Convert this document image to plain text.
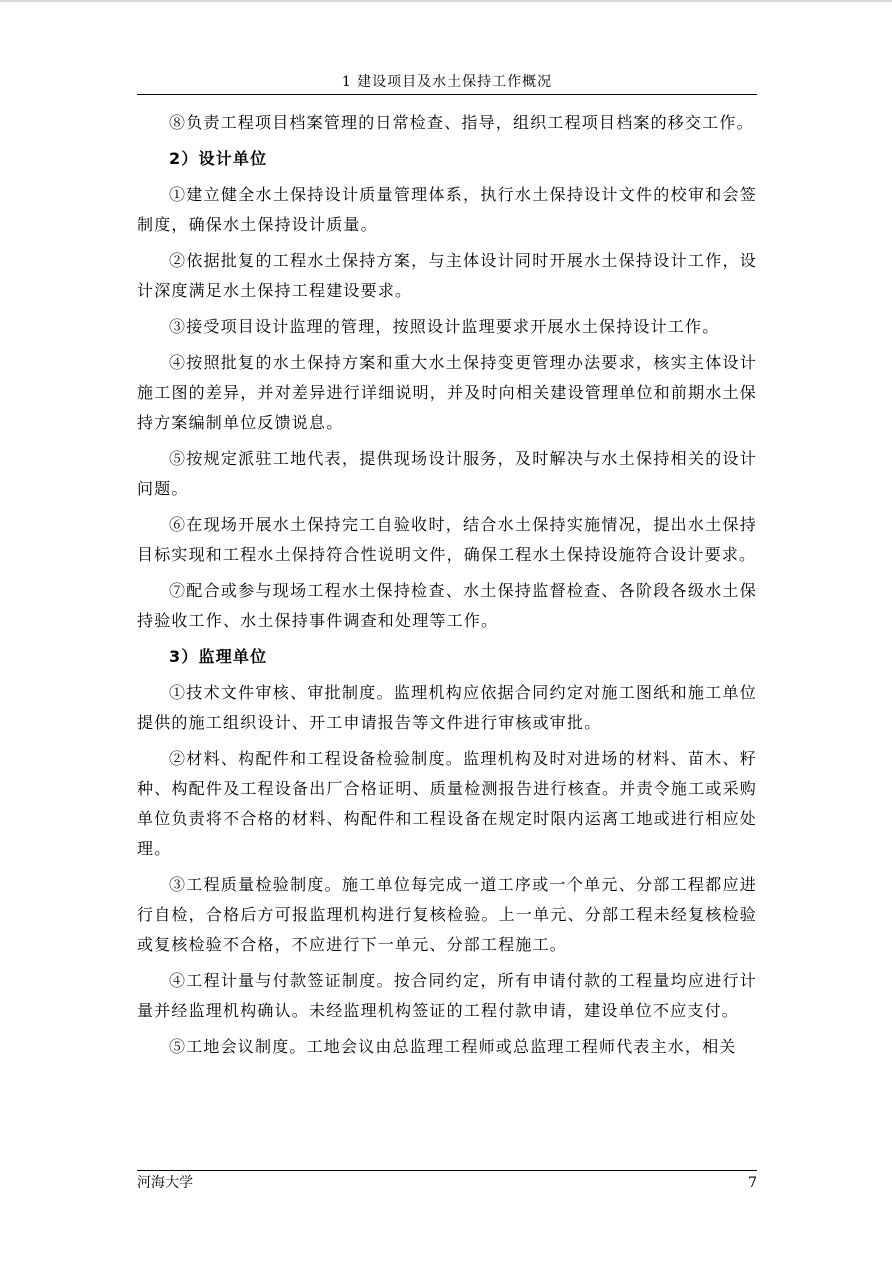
1 建设项目及水土保持工作概况

⑧负责工程项目档案管理的日常检查、指导，组织工程项目档案的移交工作。

2）设计单位

①建立健全水土保持设计质量管理体系，执行水土保持设计文件的校审和会签制度，确保水土保持设计质量。

②依据批复的工程水土保持方案，与主体设计同时开展水土保持设计工作，设计深度满足水土保持工程建设要求。

③接受项目设计监理的管理，按照设计监理要求开展水土保持设计工作。

④按照批复的水土保持方案和重大水土保持变更管理办法要求，核实主体设计施工图的差异，并对差异进行详细说明，并及时向相关建设管理单位和前期水土保持方案编制单位反馈说息。

⑤按规定派驻工地代表，提供现场设计服务，及时解决与水土保持相关的设计问题。

⑥在现场开展水土保持完工自验收时，结合水土保持实施情况，提出水土保持目标实现和工程水土保持符合性说明文件，确保工程水土保持设施符合设计要求。

⑦配合或参与现场工程水土保持检查、水土保持监督检查、各阶段各级水土保持验收工作、水土保持事件调查和处理等工作。

3）监理单位

①技术文件审核、审批制度。监理机构应依据合同约定对施工图纸和施工单位提供的施工组织设计、开工申请报告等文件进行审核或审批。

②材料、构配件和工程设备检验制度。监理机构及时对进场的材料、苗木、籽种、构配件及工程设备出厂合格证明、质量检测报告进行核查。并责令施工或采购单位负责将不合格的材料、构配件和工程设备在规定时限内运离工地或进行相应处理。

③工程质量检验制度。施工单位每完成一道工序或一个单元、分部工程都应进行自检，合格后方可报监理机构进行复核检验。上一单元、分部工程未经复核检验或复核检验不合格，不应进行下一单元、分部工程施工。

④工程计量与付款签证制度。按合同约定，所有申请付款的工程量均应进行计量并经监理机构确认。未经监理机构签证的工程付款申请，建设单位不应支付。

⑤工地会议制度。工地会议由总监理工程师或总监理工程师代表主水，相关

河海大学	7
